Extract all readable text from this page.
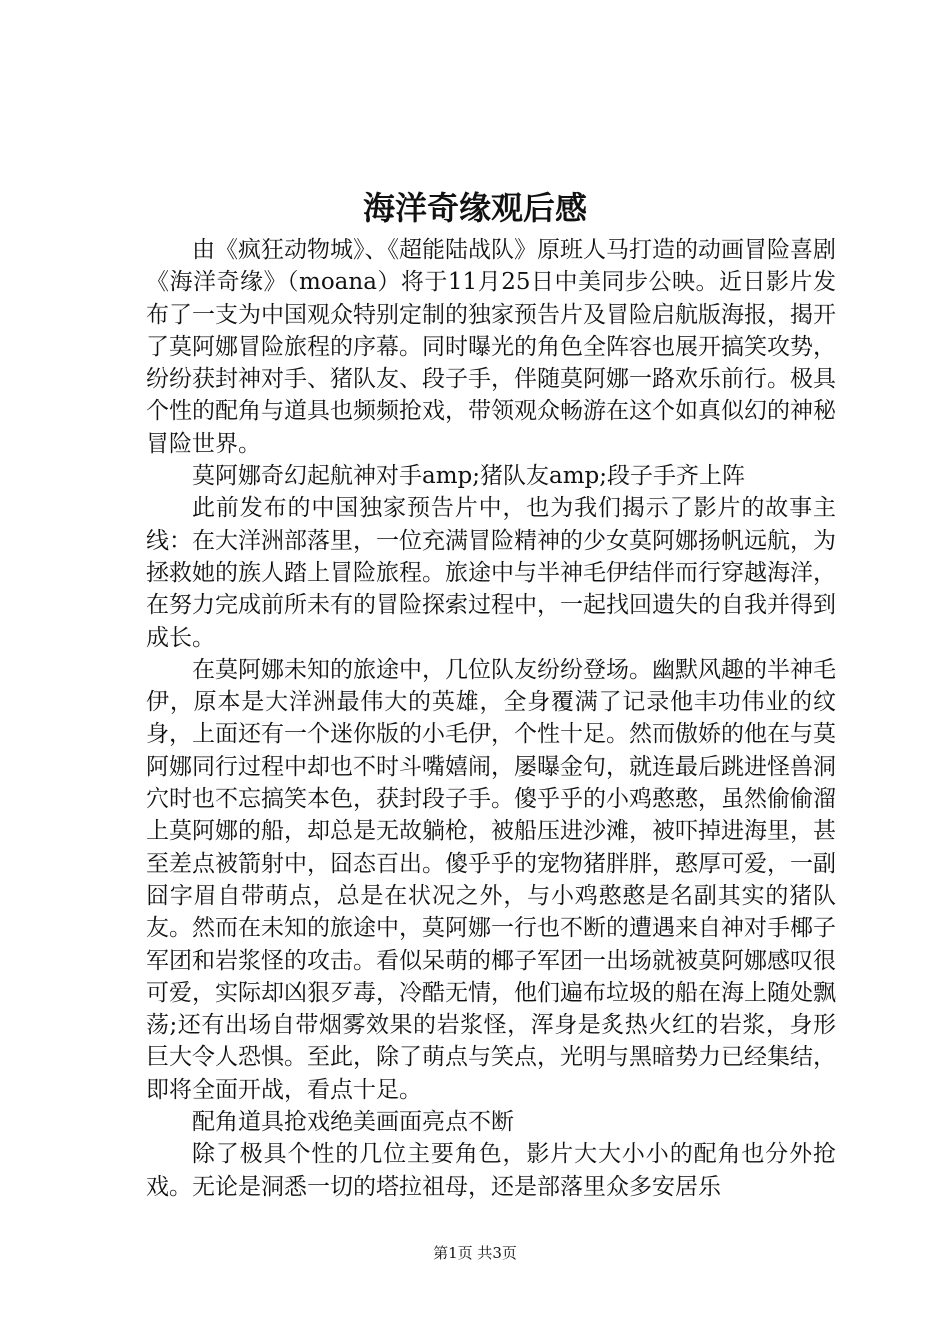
海洋奇缘观后感

由《疯狂动物城》、《超能陆战队》原班人马打造的动画冒险喜剧《海洋奇缘》（moana）将于11月25日中美同步公映。近日影片发布了一支为中国观众特别定制的独家预告片及冒险启航版海报，揭开了莫阿娜冒险旅程的序幕。同时曝光的角色全阵容也展开搞笑攻势，纷纷获封神对手、猪队友、段子手，伴随莫阿娜一路欢乐前行。极具个性的配角与道具也频频抢戏，带领观众畅游在这个如真似幻的神秘冒险世界。

莫阿娜奇幻起航神对手amp;猪队友amp;段子手齐上阵

此前发布的中国独家预告片中，也为我们揭示了影片的故事主线：在大洋洲部落里，一位充满冒险精神的少女莫阿娜扬帆远航，为拯救她的族人踏上冒险旅程。旅途中与半神毛伊结伴而行穿越海洋，在努力完成前所未有的冒险探索过程中，一起找回遗失的自我并得到成长。

在莫阿娜未知的旅途中，几位队友纷纷登场。幽默风趣的半神毛伊，原本是大洋洲最伟大的英雄，全身覆满了记录他丰功伟业的纹身，上面还有一个迷你版的小毛伊，个性十足。然而傲娇的他在与莫阿娜同行过程中却也不时斗嘴嬉闹，屡曝金句，就连最后跳进怪兽洞穴时也不忘搞笑本色，获封段子手。傻乎乎的小鸡憨憨，虽然偷偷溜上莫阿娜的船，却总是无故躺枪，被船压进沙滩，被吓掉进海里，甚至差点被箭射中，囧态百出。傻乎乎的宠物猪胖胖，憨厚可爱，一副囧字眉自带萌点，总是在状况之外，与小鸡憨憨是名副其实的猪队友。然而在未知的旅途中，莫阿娜一行也不断的遭遇来自神对手椰子军团和岩浆怪的攻击。看似呆萌的椰子军团一出场就被莫阿娜感叹很可爱，实际却凶狠歹毒，冷酷无情，他们遍布垃圾的船在海上随处飘荡;还有出场自带烟雾效果的岩浆怪，浑身是炙热火红的岩浆，身形巨大令人恐惧。至此，除了萌点与笑点，光明与黑暗势力已经集结，即将全面开战，看点十足。

配角道具抢戏绝美画面亮点不断

除了极具个性的几位主要角色，影片大大小小的配角也分外抢戏。无论是洞悉一切的塔拉祖母，还是部落里众多安居乐

第1页 共3页
